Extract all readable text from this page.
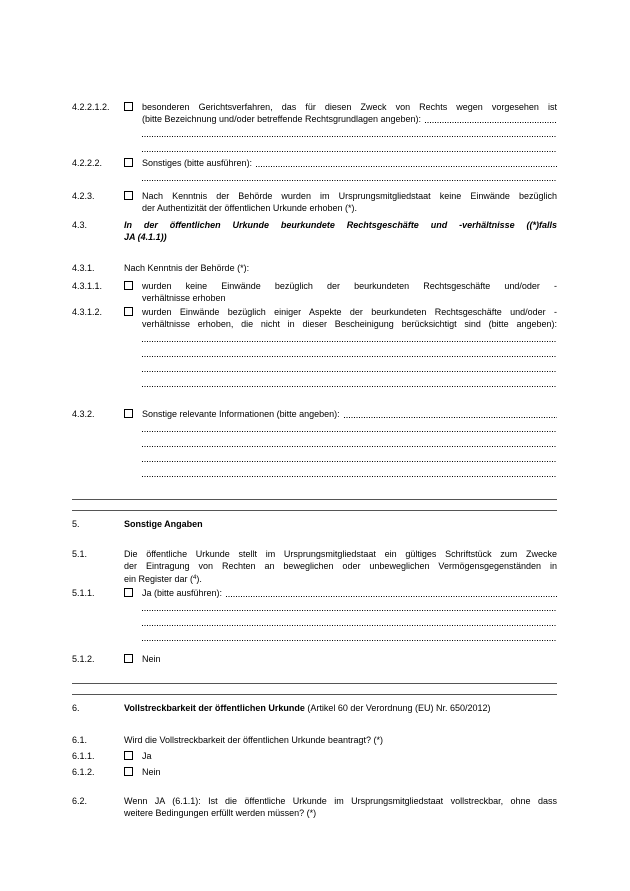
4.2.2.1.2.	besonderen Gerichtsverfahren, das für diesen Zweck von Rechts wegen vorgesehen ist
(bitte Bezeichnung und/oder betreffende Rechtsgrundlagen angeben):
4.2.2.2.	Sonstiges (bitte ausführen):
4.2.3.	Nach Kenntnis der Behörde wurden im Ursprungsmitgliedstaat keine Einwände bezüglich
der Authentizität der öffentlichen Urkunde erhoben (*).
4.3.	In der öffentlichen Urkunde beurkundete Rechtsgeschäfte und -verhältnisse ((*)falls
JA (4.1.1))
4.3.1.	Nach Kenntnis der Behörde (*):
4.3.1.1.	wurden keine Einwände bezüglich der beurkundeten Rechtsgeschäfte und/oder -
verhältnisse erhoben
4.3.1.2.	wurden Einwände bezüglich einiger Aspekte der beurkundeten Rechtsgeschäfte und/oder -
verhältnisse erhoben, die nicht in dieser Bescheinigung berücksichtigt sind (bitte angeben):
4.3.2.	Sonstige relevante Informationen (bitte angeben):
5.	Sonstige Angaben
5.1.	Die öffentliche Urkunde stellt im Ursprungsmitgliedstaat ein gültiges Schriftstück zum Zwecke
der Eintragung von Rechten an beweglichen oder unbeweglichen Vermögensgegenständen in
ein Register dar ($^4$).
5.1.1.	Ja (bitte ausführen):
5.1.2.	Nein
6.	Vollstreckbarkeit der öffentlichen Urkunde (Artikel 60 der Verordnung (EU) Nr. 650/2012)
6.1.	Wird die Vollstreckbarkeit der öffentlichen Urkunde beantragt? (*)
6.1.1.	Ja
6.1.2.	Nein
6.2.	Wenn JA (6.1.1): Ist die öffentliche Urkunde im Ursprungsmitgliedstaat vollstreckbar, ohne dass
weitere Bedingungen erfüllt werden müssen? (*)
